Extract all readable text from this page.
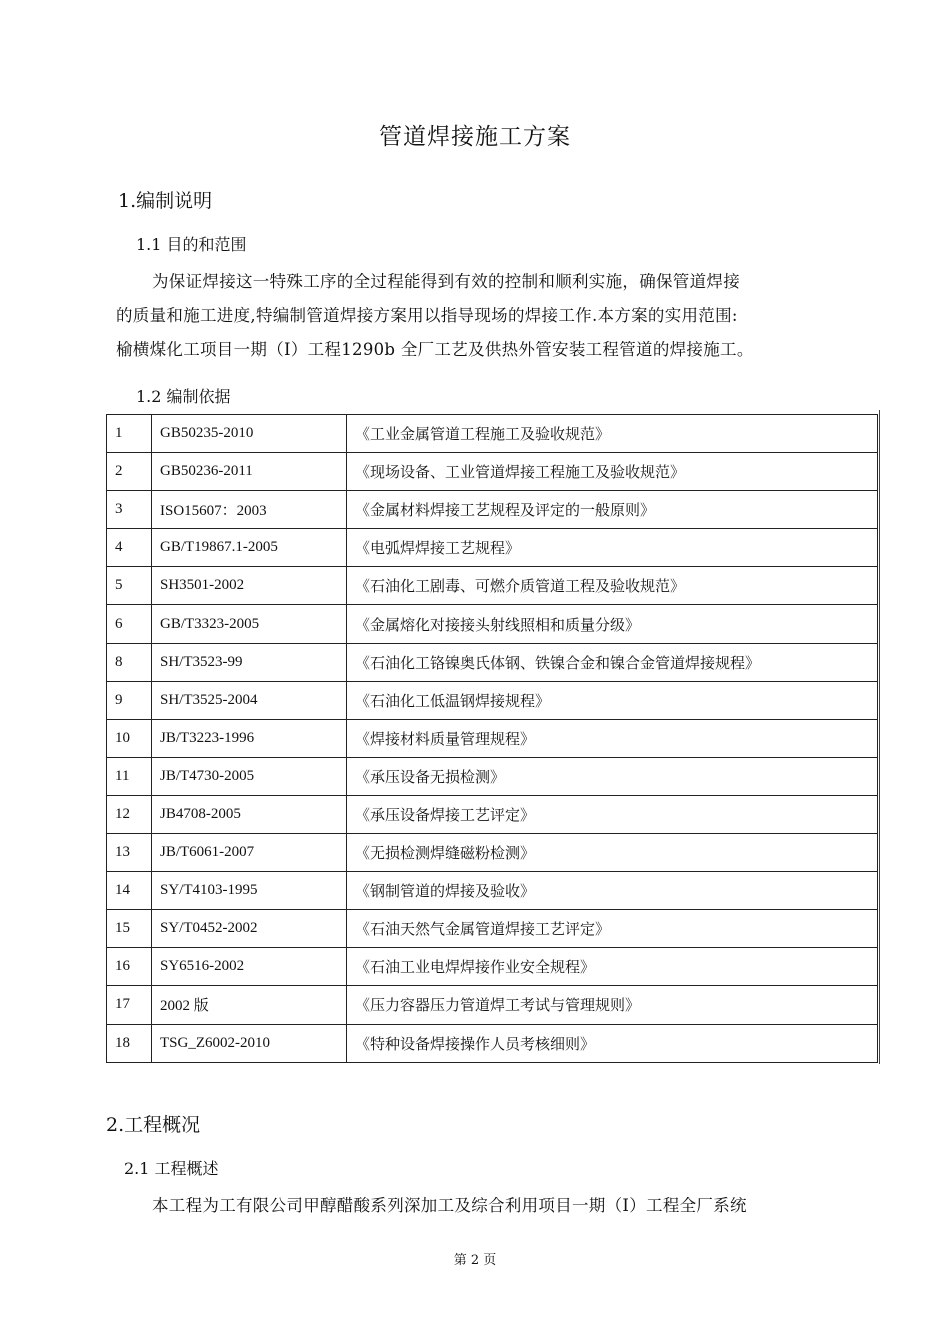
管道焊接施工方案
1.编制说明
1.1 目的和范围
为保证焊接这一特殊工序的全过程能得到有效的控制和顺利实施，确保管道焊接
的质量和施工进度,特编制管道焊接方案用以指导现场的焊接工作.本方案的实用范围:
榆横煤化工项目一期（Ⅰ）工程1290b 全厂工艺及供热外管安装工程管道的焊接施工。
1.2 编制依据
1	GB50235-2010	《工业金属管道工程施工及验收规范》
2	GB50236-2011	《现场设备、工业管道焊接工程施工及验收规范》
3	ISO15607：2003	《金属材料焊接工艺规程及评定的一般原则》
4	GB/T19867.1-2005	《电弧焊焊接工艺规程》
5	SH3501-2002	《石油化工剧毒、可燃介质管道工程及验收规范》
6	GB/T3323-2005	《金属熔化对接接头射线照相和质量分级》
8	SH/T3523-99	《石油化工铬镍奥氏体钢、铁镍合金和镍合金管道焊接规程》
9	SH/T3525-2004	《石油化工低温钢焊接规程》
10	JB/T3223-1996	《焊接材料质量管理规程》
11	JB/T4730-2005	《承压设备无损检测》
12	JB4708-2005	《承压设备焊接工艺评定》
13	JB/T6061-2007	《无损检测焊缝磁粉检测》
14	SY/T4103-1995	《钢制管道的焊接及验收》
15	SY/T0452-2002	《石油天然气金属管道焊接工艺评定》
16	SY6516-2002	《石油工业电焊焊接作业安全规程》
17	2002 版	《压力容器压力管道焊工考试与管理规则》
18	TSG_Z6002-2010	《特种设备焊接操作人员考核细则》
2.工程概况
2.1 工程概述
本工程为工有限公司甲醇醋酸系列深加工及综合利用项目一期（Ⅰ）工程全厂系统
第 2 页
